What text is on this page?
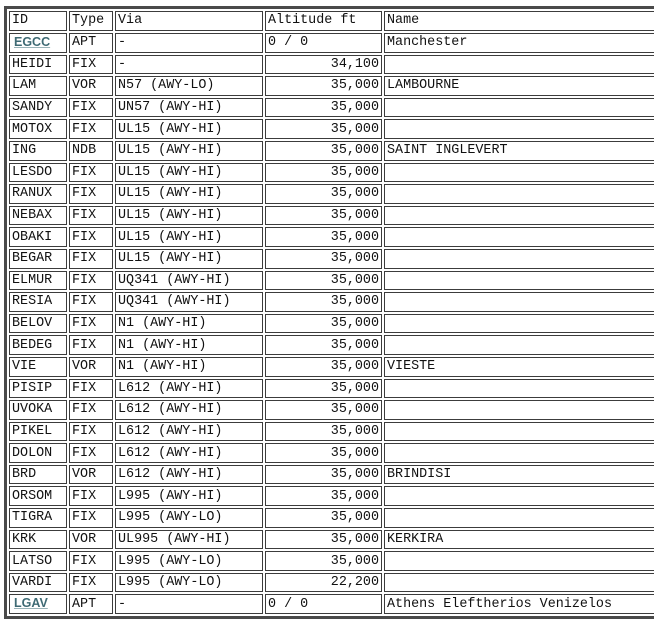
ID	Type	Via	Altitude ft	Name
EGCC	APT	-	0 / 0	Manchester
HEIDI	FIX	-	34,100	
LAM	VOR	N57 (AWY-LO)	35,000	LAMBOURNE
SANDY	FIX	UN57 (AWY-HI)	35,000	
MOTOX	FIX	UL15 (AWY-HI)	35,000	
ING	NDB	UL15 (AWY-HI)	35,000	SAINT INGLEVERT
LESDO	FIX	UL15 (AWY-HI)	35,000	
RANUX	FIX	UL15 (AWY-HI)	35,000	
NEBAX	FIX	UL15 (AWY-HI)	35,000	
OBAKI	FIX	UL15 (AWY-HI)	35,000	
BEGAR	FIX	UL15 (AWY-HI)	35,000	
ELMUR	FIX	UQ341 (AWY-HI)	35,000	
RESIA	FIX	UQ341 (AWY-HI)	35,000	
BELOV	FIX	N1 (AWY-HI)	35,000	
BEDEG	FIX	N1 (AWY-HI)	35,000	
VIE	VOR	N1 (AWY-HI)	35,000	VIESTE
PISIP	FIX	L612 (AWY-HI)	35,000	
UVOKA	FIX	L612 (AWY-HI)	35,000	
PIKEL	FIX	L612 (AWY-HI)	35,000	
DOLON	FIX	L612 (AWY-HI)	35,000	
BRD	VOR	L612 (AWY-HI)	35,000	BRINDISI
ORSOM	FIX	L995 (AWY-HI)	35,000	
TIGRA	FIX	L995 (AWY-LO)	35,000	
KRK	VOR	UL995 (AWY-HI)	35,000	KERKIRA
LATSO	FIX	L995 (AWY-LO)	35,000	
VARDI	FIX	L995 (AWY-LO)	22,200	
LGAV	APT	-	0 / 0	Athens Eleftherios Venizelos
